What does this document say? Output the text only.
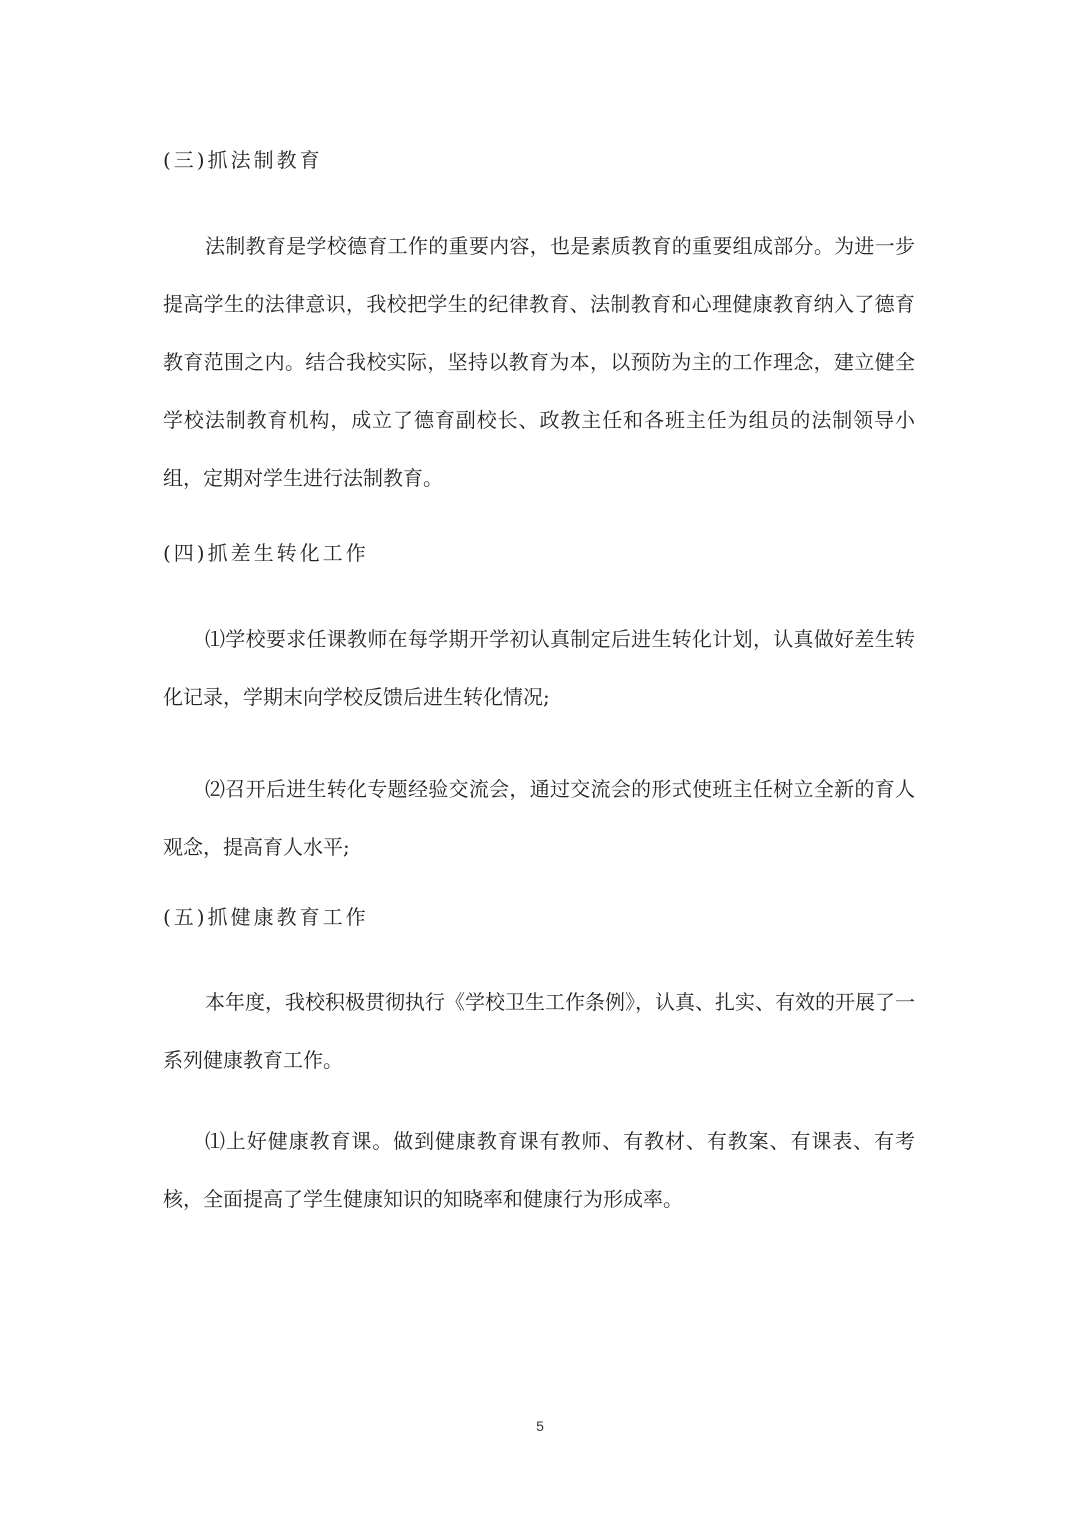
(三)抓法制教育

法制教育是学校德育工作的重要内容，也是素质教育的重要组成部分。为进一步提高学生的法律意识，我校把学生的纪律教育、法制教育和心理健康教育纳入了德育教育范围之内。结合我校实际，坚持以教育为本，以预防为主的工作理念，建立健全学校法制教育机构，成立了德育副校长、政教主任和各班主任为组员的法制领导小组，定期对学生进行法制教育。

(四)抓差生转化工作

⑴学校要求任课教师在每学期开学初认真制定后进生转化计划，认真做好差生转化记录，学期末向学校反馈后进生转化情况;

⑵召开后进生转化专题经验交流会，通过交流会的形式使班主任树立全新的育人观念，提高育人水平;

(五)抓健康教育工作

本年度，我校积极贯彻执行《学校卫生工作条例》，认真、扎实、有效的开展了一系列健康教育工作。

⑴上好健康教育课。做到健康教育课有教师、有教材、有教案、有课表、有考核，全面提高了学生健康知识的知晓率和健康行为形成率。

5
